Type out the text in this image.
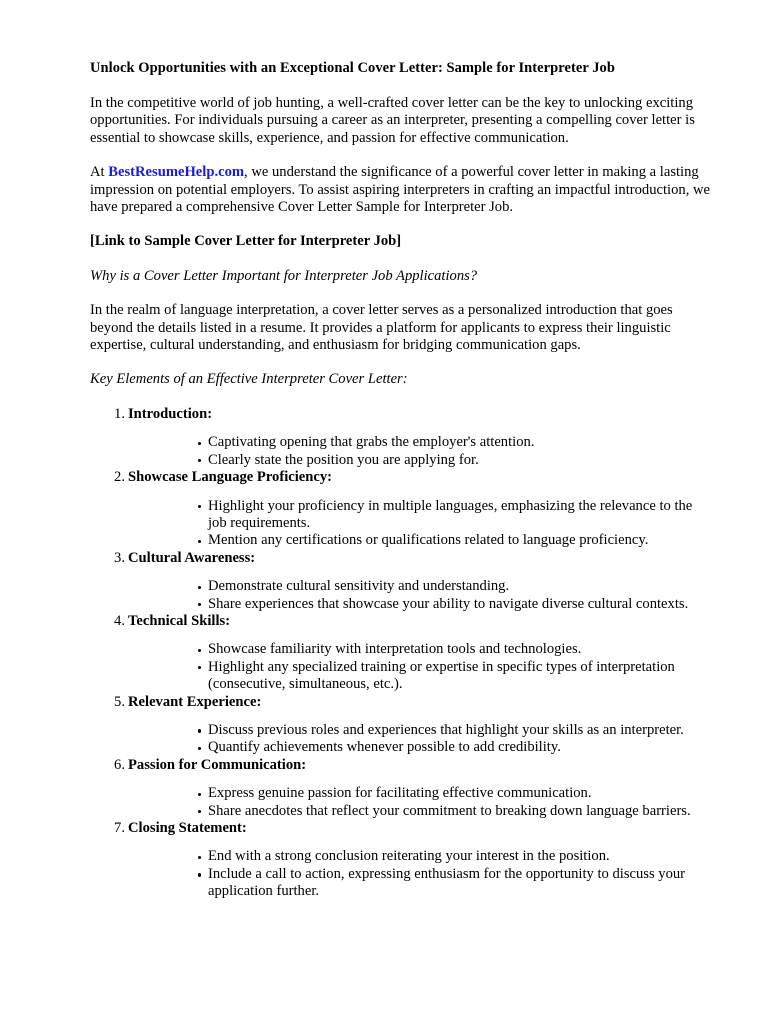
Unlock Opportunities with an Exceptional Cover Letter: Sample for Interpreter Job

In the competitive world of job hunting, a well-crafted cover letter can be the key to unlocking exciting opportunities. For individuals pursuing a career as an interpreter, presenting a compelling cover letter is essential to showcase skills, experience, and passion for effective communication.

At BestResumeHelp.com, we understand the significance of a powerful cover letter in making a lasting impression on potential employers. To assist aspiring interpreters in crafting an impactful introduction, we have prepared a comprehensive Cover Letter Sample for Interpreter Job.

[Link to Sample Cover Letter for Interpreter Job]

Why is a Cover Letter Important for Interpreter Job Applications?

In the realm of language interpretation, a cover letter serves as a personalized introduction that goes beyond the details listed in a resume. It provides a platform for applicants to express their linguistic expertise, cultural understanding, and enthusiasm for bridging communication gaps.

Key Elements of an Effective Interpreter Cover Letter:

1. Introduction:
Captivating opening that grabs the employer's attention.
Clearly state the position you are applying for.
2. Showcase Language Proficiency:
Highlight your proficiency in multiple languages, emphasizing the relevance to the job requirements.
Mention any certifications or qualifications related to language proficiency.
3. Cultural Awareness:
Demonstrate cultural sensitivity and understanding.
Share experiences that showcase your ability to navigate diverse cultural contexts.
4. Technical Skills:
Showcase familiarity with interpretation tools and technologies.
Highlight any specialized training or expertise in specific types of interpretation (consecutive, simultaneous, etc.).
5. Relevant Experience:
Discuss previous roles and experiences that highlight your skills as an interpreter.
Quantify achievements whenever possible to add credibility.
6. Passion for Communication:
Express genuine passion for facilitating effective communication.
Share anecdotes that reflect your commitment to breaking down language barriers.
7. Closing Statement:
End with a strong conclusion reiterating your interest in the position.
Include a call to action, expressing enthusiasm for the opportunity to discuss your application further.
